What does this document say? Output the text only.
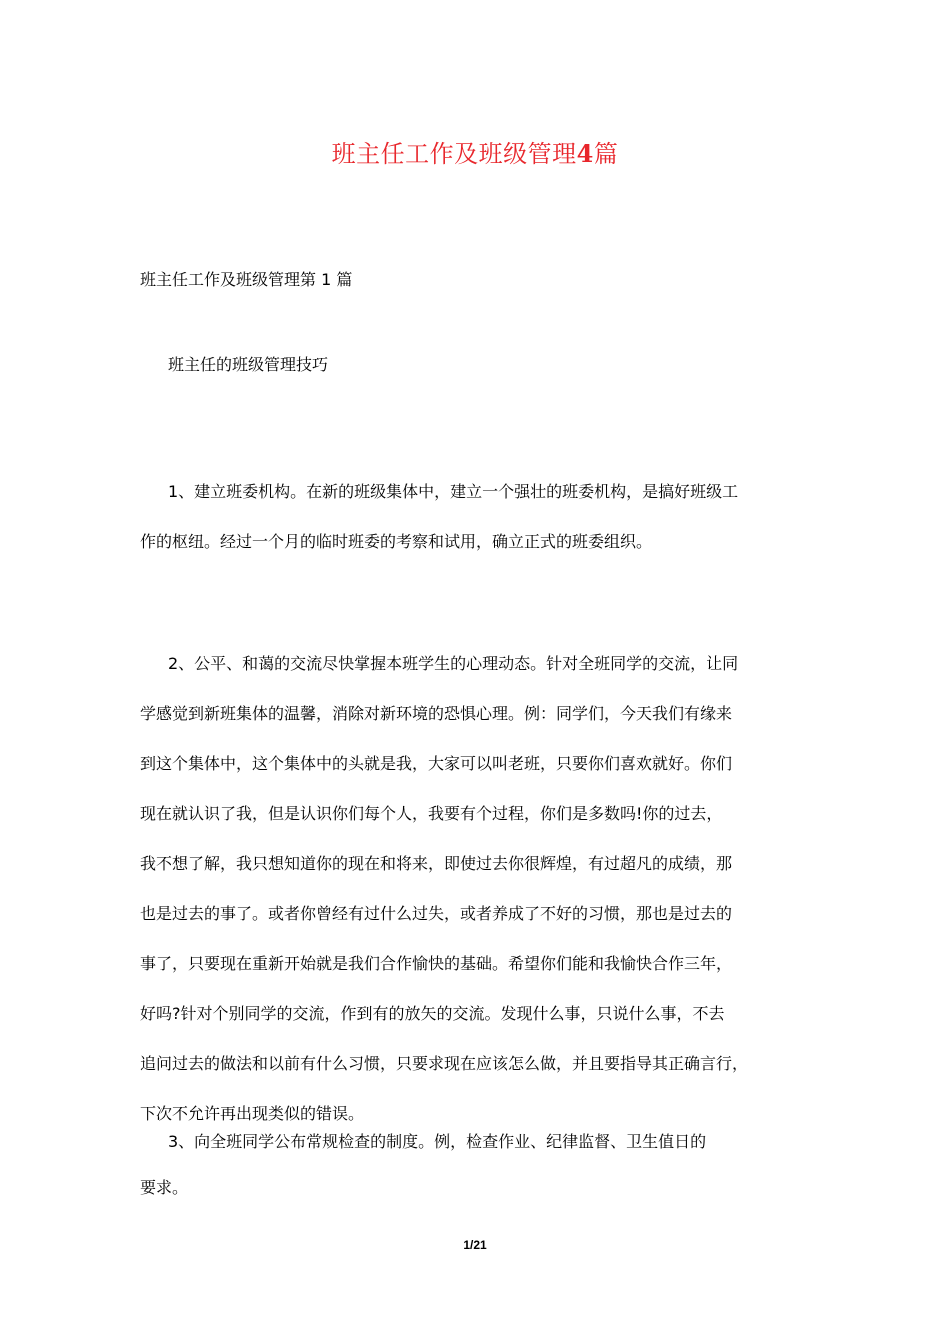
班主任工作及班级管理4篇
班主任工作及班级管理第 1 篇
班主任的班级管理技巧
1、建立班委机构。在新的班级集体中，建立一个强壮的班委机构，是搞好班级工
作的枢纽。经过一个月的临时班委的考察和试用，确立正式的班委组织。
2、公平、和蔼的交流尽快掌握本班学生的心理动态。针对全班同学的交流，让同
学感觉到新班集体的温馨，消除对新环境的恐惧心理。例：同学们，今天我们有缘来
到这个集体中，这个集体中的头就是我，大家可以叫老班，只要你们喜欢就好。你们
现在就认识了我，但是认识你们每个人，我要有个过程，你们是多数吗!你的过去，
我不想了解，我只想知道你的现在和将来，即使过去你很辉煌，有过超凡的成绩，那
也是过去的事了。或者你曾经有过什么过失，或者养成了不好的习惯，那也是过去的
事了，只要现在重新开始就是我们合作愉快的基础。希望你们能和我愉快合作三年，
好吗?针对个别同学的交流，作到有的放矢的交流。发现什么事，只说什么事，不去
追问过去的做法和以前有什么习惯，只要求现在应该怎么做，并且要指导其正确言行，
下次不允许再出现类似的错误。
3、向全班同学公布常规检查的制度。例，检查作业、纪律监督、卫生值日的
要求。
1/21
